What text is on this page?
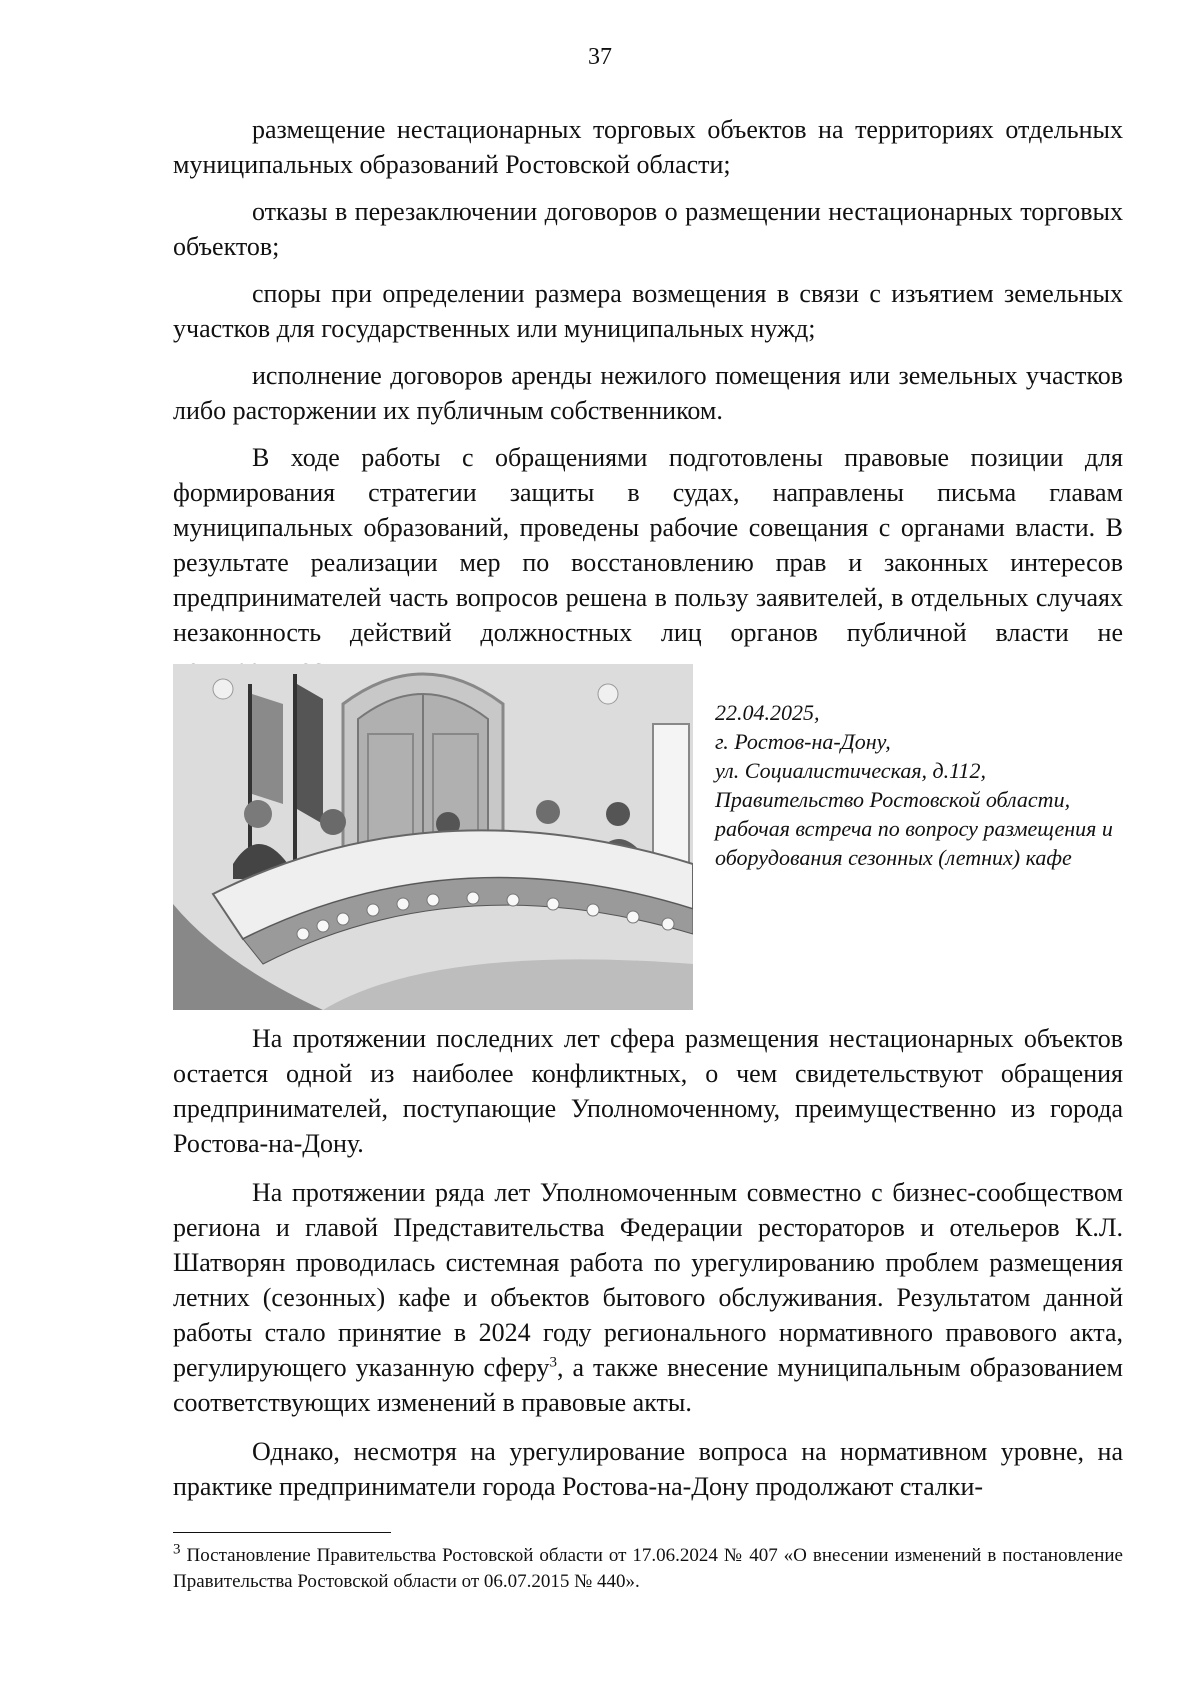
37

размещение нестационарных торговых объектов на территориях отдельных муниципальных образований Ростовской области;

отказы в перезаключении договоров о размещении нестационарных торговых объектов;

споры при определении размера возмещения в связи с изъятием земельных участков для государственных или муниципальных нужд;

исполнение договоров аренды нежилого помещения или земельных участков либо расторжении их публичным собственником.

В ходе работы с обращениями подготовлены правовые позиции для формирования стратегии защиты в судах, направлены письма главам муниципальных образований, проведены рабочие совещания с органами власти. В результате реализации мер по восстановлению прав и законных интересов предпринимателей часть вопросов решена в пользу заявителей, в отдельных случаях незаконность действий должностных лиц органов публичной власти не

22.04.2025,
г. Ростов-на-Дону,
ул. Социалистическая, д.112,
Правительство Ростовской области,
рабочая встреча по вопросу размещения и оборудования сезонных (летних) кафе

На протяжении последних лет сфера размещения нестационарных объектов остается одной из наиболее конфликтных, о чем свидетельствуют обращения предпринимателей, поступающие Уполномоченному, преимущественно из города Ростова-на-Дону.

На протяжении ряда лет Уполномоченным совместно с бизнес-сообществом региона и главой Представительства Федерации рестораторов и отельеров К.Л. Шатворян проводилась системная работа по урегулированию проблем размещения летних (сезонных) кафе и объектов бытового обслуживания. Результатом данной работы стало принятие в 2024 году регионального нормативного правового акта, регулирующего указанную сферу$^3$, а также внесение муниципальным образованием соответствующих изменений в правовые акты.

Однако, несмотря на урегулирование вопроса на нормативном уровне, на практике предприниматели города Ростова-на-Дону продолжают сталки-

$^3$ Постановление Правительства Ростовской области от 17.06.2024 № 407 «О внесении изменений в постановление Правительства Ростовской области от 06.07.2015 № 440».
